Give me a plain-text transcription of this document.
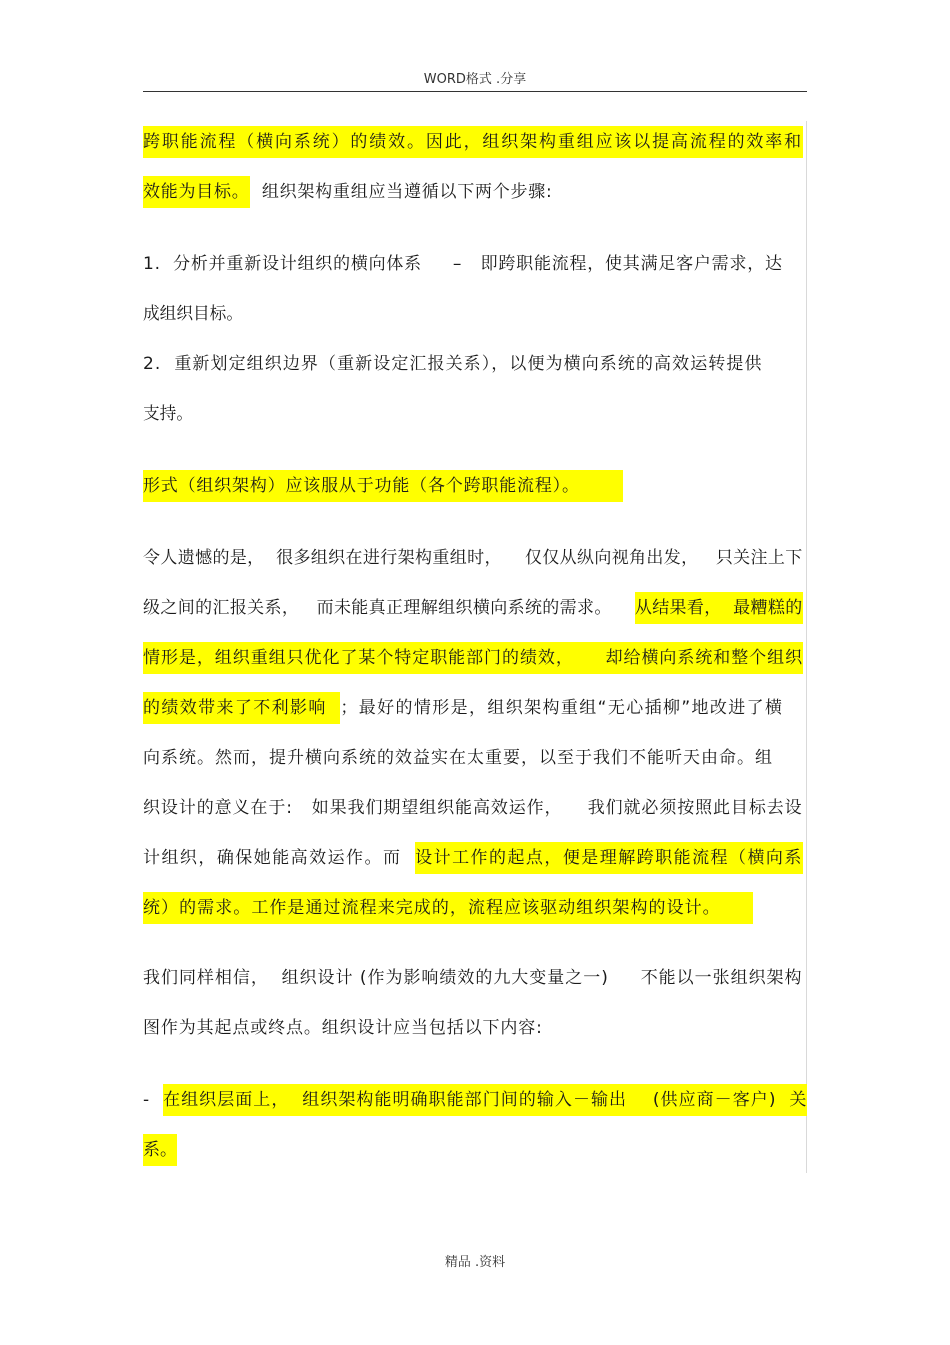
WORD格式 .分享
跨职能流程（横向系统）的绩效。因此，组织架构重组应该以提高流程的效率和
效能为目标。  组织架构重组应当遵循以下两个步骤:
1.  分析并重新设计组织的横向体系     –   即跨职能流程，使其满足客户需求，达
成组织目标。
2.  重新划定组织边界（重新设定汇报关系），以便为横向系统的高效运转提供
支持。
形式（组织架构）应该服从于功能（各个跨职能流程）。
令人遗憾的是，  很多组织在进行架构重组时，    仅仅从纵向视角出发，   只关注上下
级之间的汇报关系，   而未能真正理解组织横向系统的需求。    从结果看，  最糟糕的
情形是，组织重组只优化了某个特定职能部门的绩效，     却给横向系统和整个组织
的绩效带来了不利影响  ；最好的情形是，组织架构重组“无心插柳”地改进了横
向系统。然而，提升横向系统的效益实在太重要，以至于我们不能听天由命。组
织设计的意义在于:   如果我们期望组织能高效运作，    我们就必须按照此目标去设
计组织，确保她能高效运作。而  设计工作的起点，便是理解跨职能流程（横向系
统）的需求。工作是通过流程来完成的，流程应该驱动组织架构的设计。
我们同样相信，  组织设计 (作为影响绩效的九大变量之一)     不能以一张组织架构
图作为其起点或终点。组织设计应当包括以下内容:
-  在组织层面上，  组织架构能明确职能部门间的输入－输出    (供应商－客户)  关
系。
精品 .资料
